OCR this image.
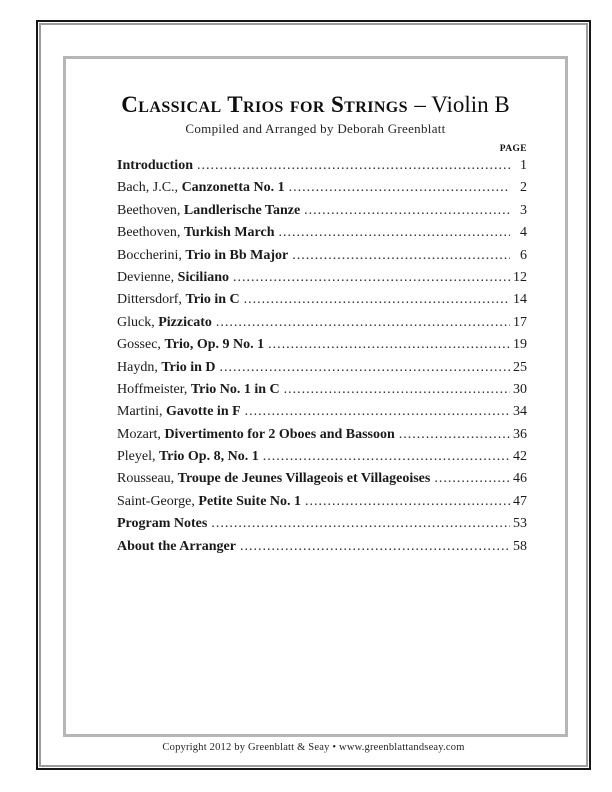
Classical Trios for Strings – Violin B
Compiled and Arranged by Deborah Greenblatt
PAGE
Introduction .....	1
Bach, J.C., Canzonetta No. 1 .....	2
Beethoven, Landlerische Tanze .....	3
Beethoven, Turkish March .....	4
Boccherini, Trio in Bb Major .....	6
Devienne, Siciliano .....	12
Dittersdorf, Trio in C .....	14
Gluck, Pizzicato .....	17
Gossec, Trio, Op. 9 No. 1 .....	19
Haydn, Trio in D .....	25
Hoffmeister, Trio No. 1 in C .....	30
Martini, Gavotte in F .....	34
Mozart, Divertimento for 2 Oboes and Bassoon .....	36
Pleyel, Trio Op. 8, No. 1 .....	42
Rousseau, Troupe de Jeunes Villageois et Villageoises .....	46
Saint-George, Petite Suite No. 1 .....	47
Program Notes .....	53
About the Arranger .....	58
Copyright 2012 by Greenblatt & Seay • www.greenblattandseay.com
